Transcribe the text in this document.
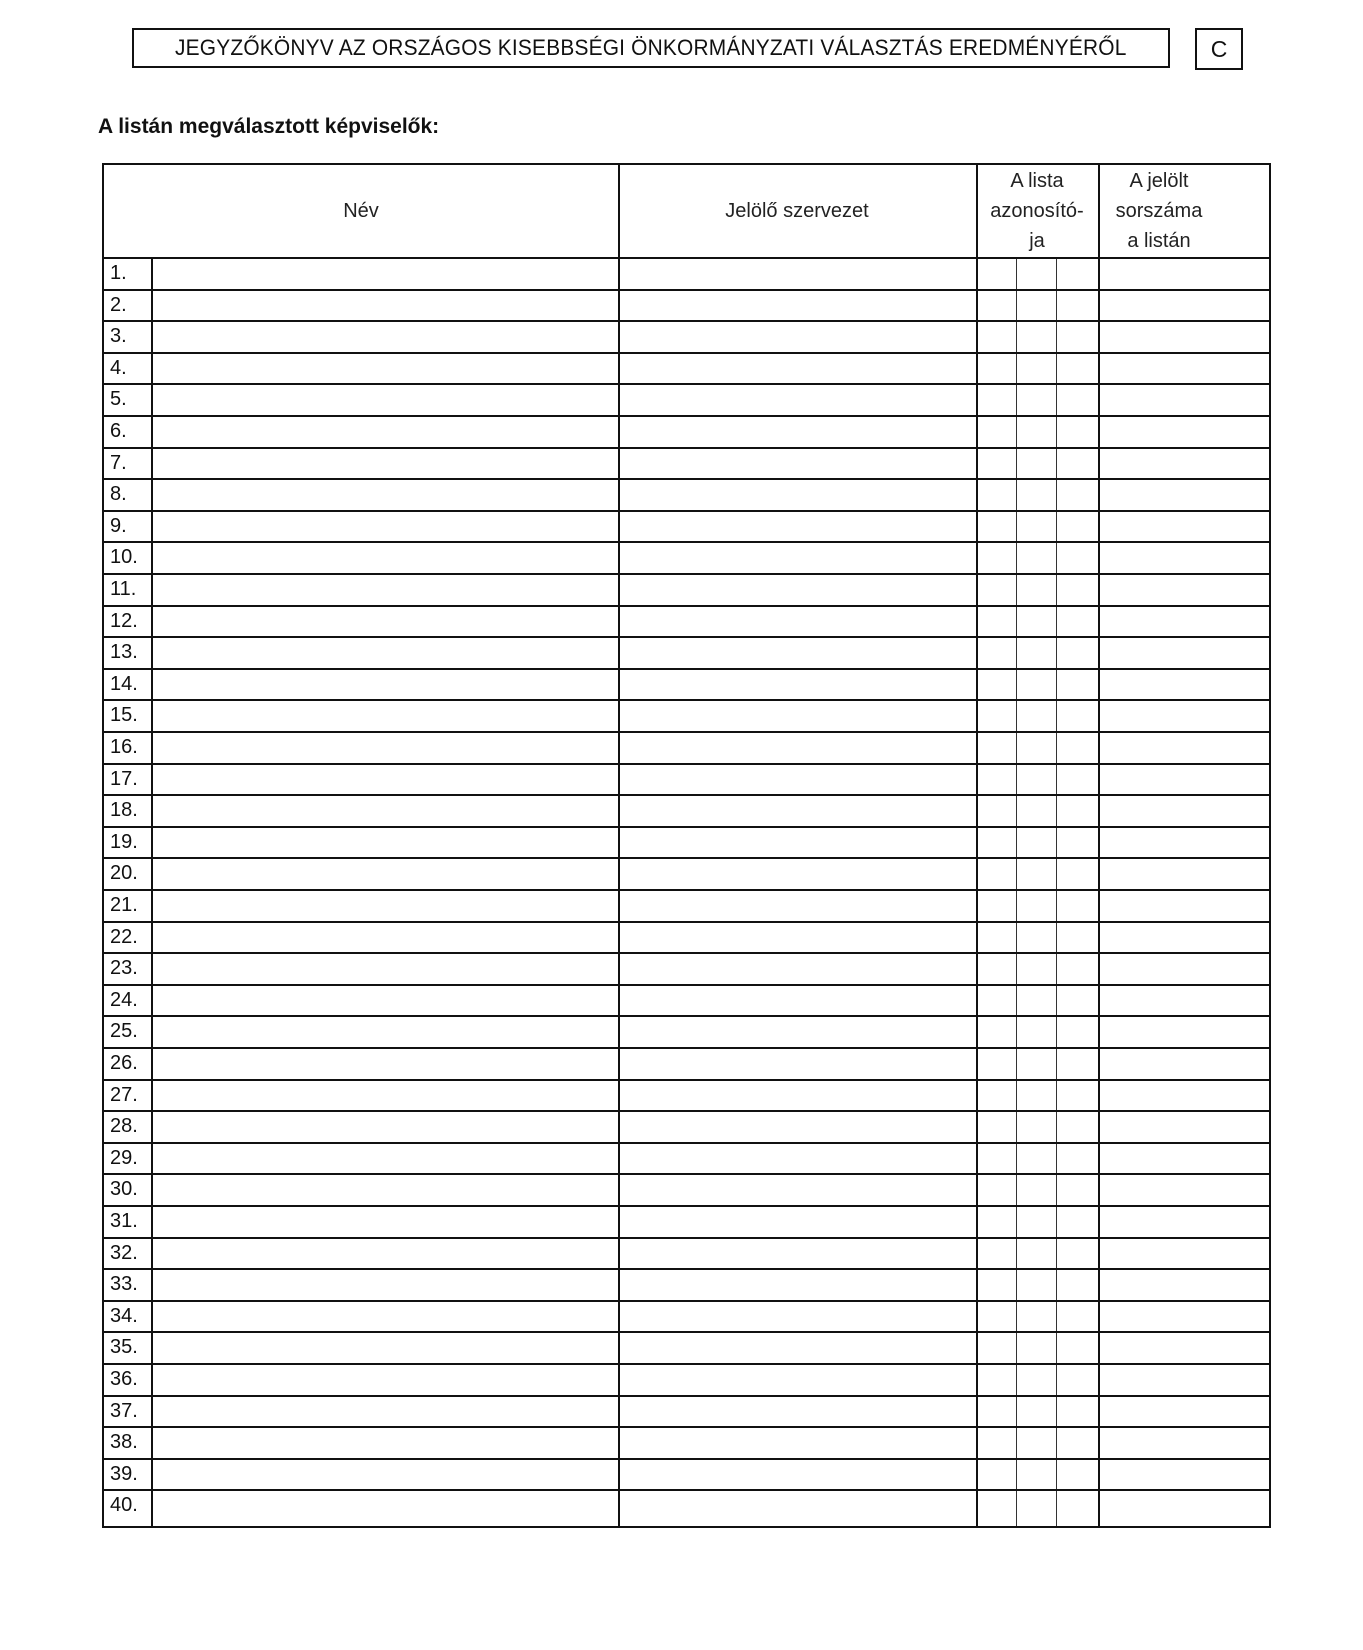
JEGYZŐKÖNYV AZ ORSZÁGOS KISEBBSÉGI ÖNKORMÁNYZATI VÁLASZTÁS EREDMÉNYÉRŐL	C
A listán megválasztott képviselők:
Név	Jelölő szervezet
A lista azonosító-ja
A jelölt sorszáma a listán
1.
2.
3.
4.
5.
6.
7.
8.
9.
10.
11.
12.
13.
14.
15.
16.
17.
18.
19.
20.
21.
22.
23.
24.
25.
26.
27.
28.
29.
30.
31.
32.
33.
34.
35.
36.
37.
38.
39.
40.
